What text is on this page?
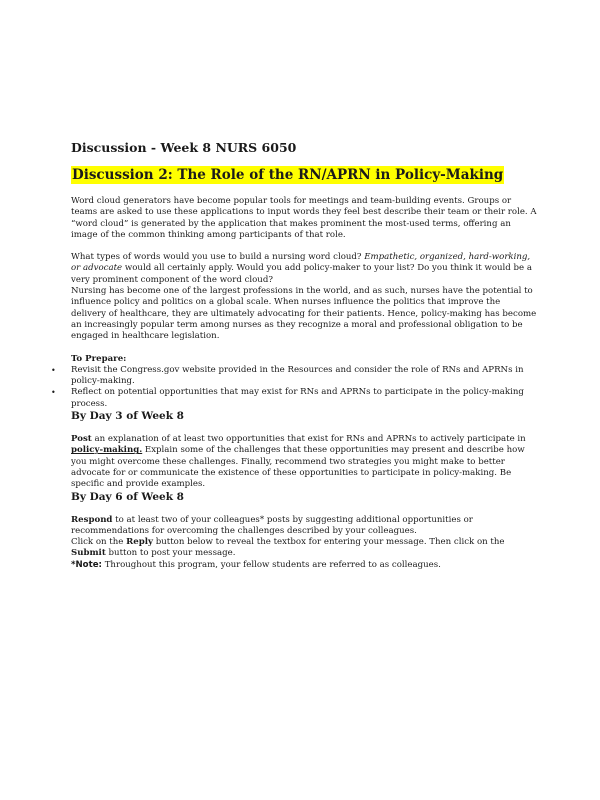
Discussion - Week 8 NURS 6050
Discussion 2: The Role of the RN/APRN in Policy-Making

Word cloud generators have become popular tools for meetings and team-building events. Groups or teams are asked to use these applications to input words they feel best describe their team or their role. A “word cloud” is generated by the application that makes prominent the most-used terms, offering an image of the common thinking among participants of that role.

What types of words would you use to build a nursing word cloud? Empathetic, organized, hard-working, or advocate would all certainly apply. Would you add policy-maker to your list? Do you think it would be a very prominent component of the word cloud?

Nursing has become one of the largest professions in the world, and as such, nurses have the potential to influence policy and politics on a global scale. When nurses influence the politics that improve the delivery of healthcare, they are ultimately advocating for their patients. Hence, policy-making has become an increasingly popular term among nurses as they recognize a moral and professional obligation to be engaged in healthcare legislation.

To Prepare:

• Revisit the Congress.gov website provided in the Resources and consider the role of RNs and APRNs in policy-making.
• Reflect on potential opportunities that may exist for RNs and APRNs to participate in the policy-making process.
By Day 3 of Week 8

Post an explanation of at least two opportunities that exist for RNs and APRNs to actively participate in policy-making. Explain some of the challenges that these opportunities may present and describe how you might overcome these challenges. Finally, recommend two strategies you might make to better advocate for or communicate the existence of these opportunities to participate in policy-making. Be specific and provide examples.

By Day 6 of Week 8

Respond to at least two of your colleagues* posts by suggesting additional opportunities or recommendations for overcoming the challenges described by your colleagues.

Click on the Reply button below to reveal the textbox for entering your message. Then click on the Submit button to post your message.

*Note: Throughout this program, your fellow students are referred to as colleagues.
